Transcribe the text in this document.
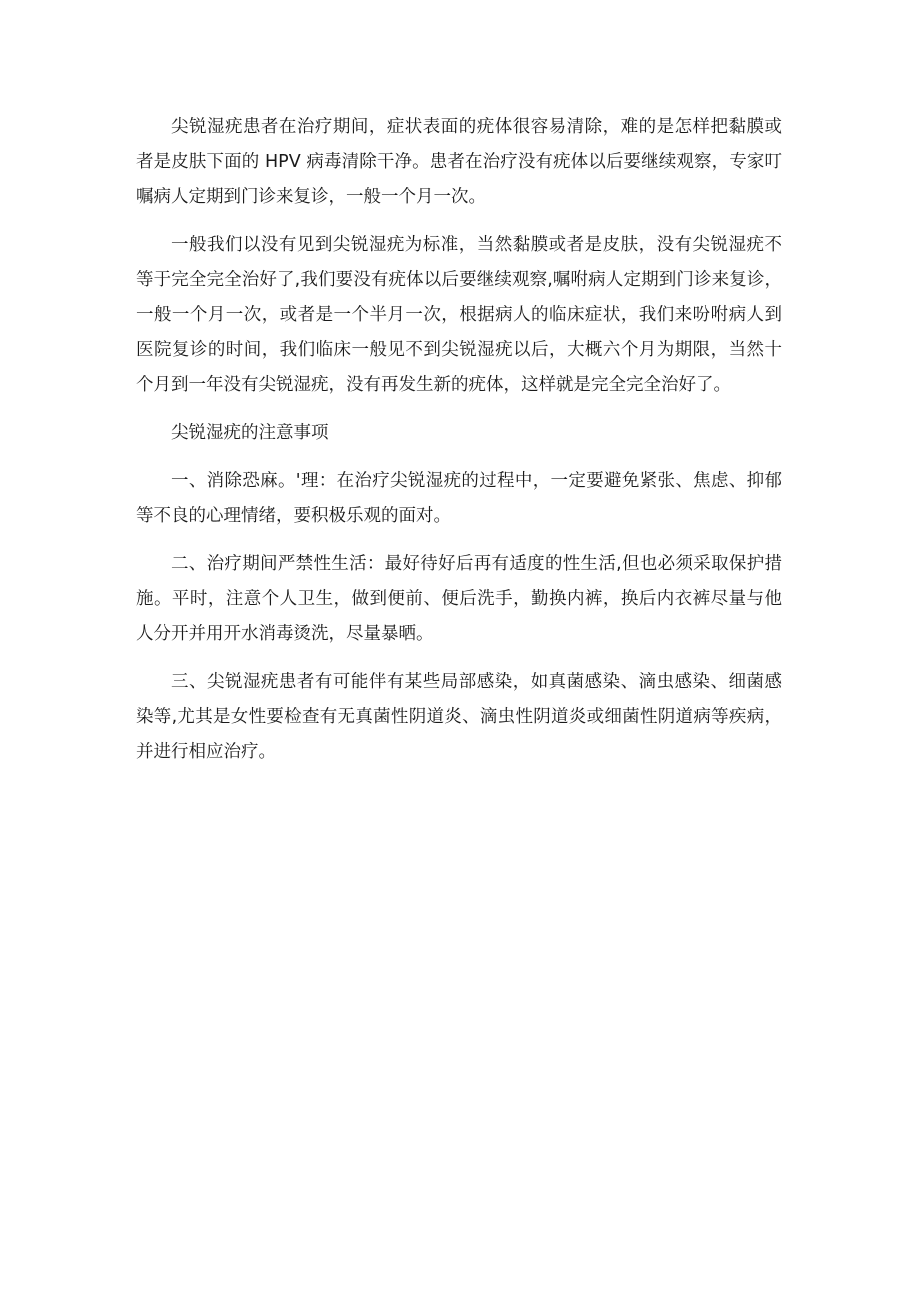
尖锐湿疣患者在治疗期间，症状表面的疣体很容易清除，难的是怎样把黏膜或者是皮肤下面的 HPV 病毒清除干净。患者在治疗没有疣体以后要继续观察，专家叮嘱病人定期到门诊来复诊，一般一个月一次。

一般我们以没有见到尖锐湿疣为标准，当然黏膜或者是皮肤，没有尖锐湿疣不等于完全完全治好了,我们要没有疣体以后要继续观察,嘱咐病人定期到门诊来复诊，一般一个月一次，或者是一个半月一次，根据病人的临床症状，我们来吩咐病人到医院复诊的时间，我们临床一般见不到尖锐湿疣以后，大概六个月为期限，当然十个月到一年没有尖锐湿疣，没有再发生新的疣体，这样就是完全完全治好了。

尖锐湿疣的注意事项

一、消除恐麻。'理：在治疗尖锐湿疣的过程中，一定要避免紧张、焦虑、抑郁等不良的心理情绪，要积极乐观的面对。

二、治疗期间严禁性生活：最好待好后再有适度的性生活,但也必须采取保护措施。平时，注意个人卫生，做到便前、便后洗手，勤换内裤，换后内衣裤尽量与他人分开并用开水消毒烫洗，尽量暴晒。

三、尖锐湿疣患者有可能伴有某些局部感染，如真菌感染、滴虫感染、细菌感染等,尤其是女性要检查有无真菌性阴道炎、滴虫性阴道炎或细菌性阴道病等疾病，并进行相应治疗。
